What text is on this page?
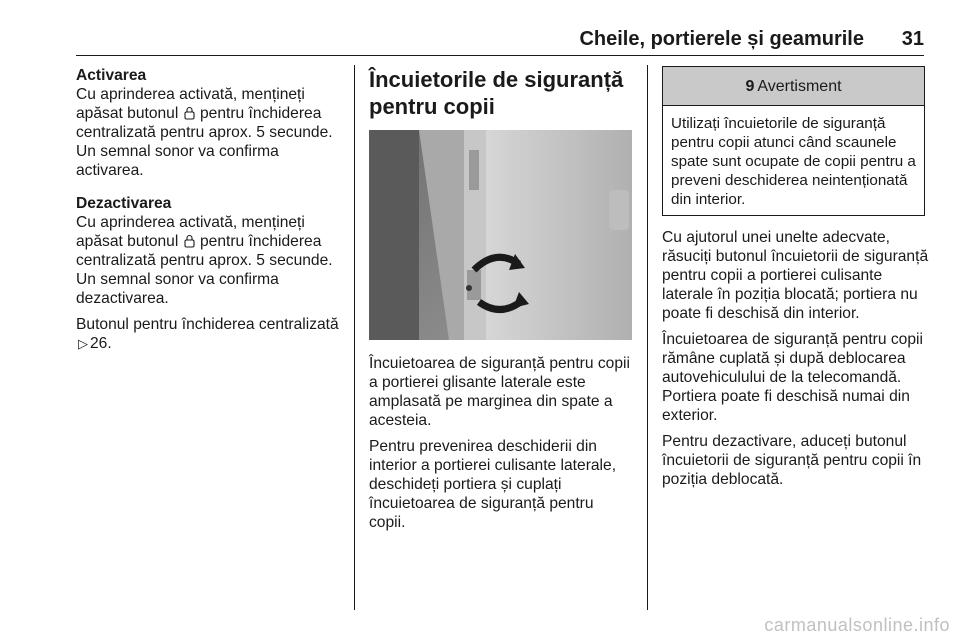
Cheile, portierele și geamurile 31
Activarea

Cu aprinderea activată, mențineți apăsat butonul pentru închiderea centralizată pentru aprox. 5 secunde. Un semnal sonor va confirma activarea.

Dezactivarea

Cu aprinderea activată, mențineți apăsat butonul pentru închiderea centralizată pentru aprox. 5 secunde. Un semnal sonor va confirma dezactivarea.

Butonul pentru închiderea centralizată ▷ 26.

Încuietorile de siguranță pentru copii

Încuietoarea de siguranță pentru copii a portierei glisante laterale este amplasată pe marginea din spate a acesteia.

Pentru prevenirea deschiderii din interior a portierei culisante laterale, deschideți portiera și cuplați încuietoarea de siguranță pentru copii.

9 Avertisment
Utilizați încuietorile de siguranță pentru copii atunci când scaunele spate sunt ocupate de copii pentru a preveni deschiderea neintenționată din interior.

Cu ajutorul unei unelte adecvate, răsuciți butonul încuietorii de siguranță pentru copii a portierei culisante laterale în poziția blocată; portiera nu poate fi deschisă din interior.

Încuietoarea de siguranță pentru copii rămâne cuplată și după deblocarea autovehiculului de la telecomandă. Portiera poate fi deschisă numai din exterior.

Pentru dezactivare, aduceți butonul încuietorii de siguranță pentru copii în poziția deblocată.

carmanualsonline.info
